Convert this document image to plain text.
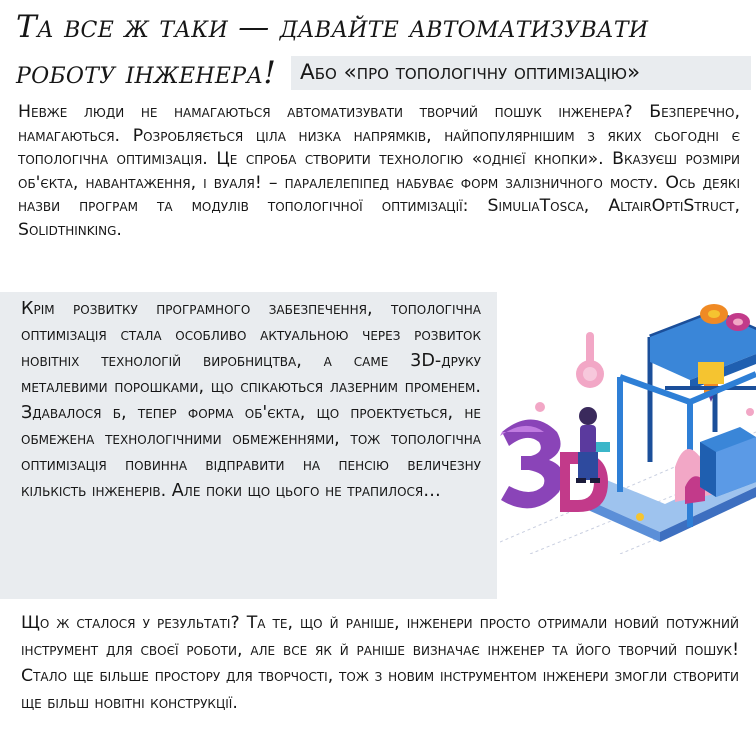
Та все ж таки — давайте автоматизувати
роботу інженера! Або «про топологічну оптимізацію»
Невже люди не намагаються автоматизувати творчий пошук інженера? Безперечно, намагаються. Розробляється ціла низка напрямків, найпопулярнішим з яких сьогодні є топологічна оптимізація. Це спроба створити технологію «однієї кнопки». Вказуєш розміри об'єкта, навантаження, і вуаля! – паралелепіпед набуває форм залізничного мосту. Ось деякі назви програм та модулів топологічної оптимізації: SimuliaTosca, AltairOptiStruct, Solidthinking.
Крім розвитку програмного забезпечення, топологічна оптимізація стала особливо актуальною через розвиток новітніх технологій виробництва, а саме 3D-друку металевими порошками, що спікаються лазерним променем. Здавалося б, тепер форма об'єкта, що проектується, не обмежена технологічними обмеженнями, тож топологічна оптимізація повинна відправити на пенсію величезну кількість інженерів. Але поки що цього не трапилося…
Що ж сталося у результаті? Та те, що й раніше, інженери просто отримали новий потужний інструмент для своєї роботи, але все як й раніше визначає інженер та його творчий пошук! Стало ще більше простору для творчості, тож з новим інструментом інженери змогли створити ще більш новітні конструкції.
